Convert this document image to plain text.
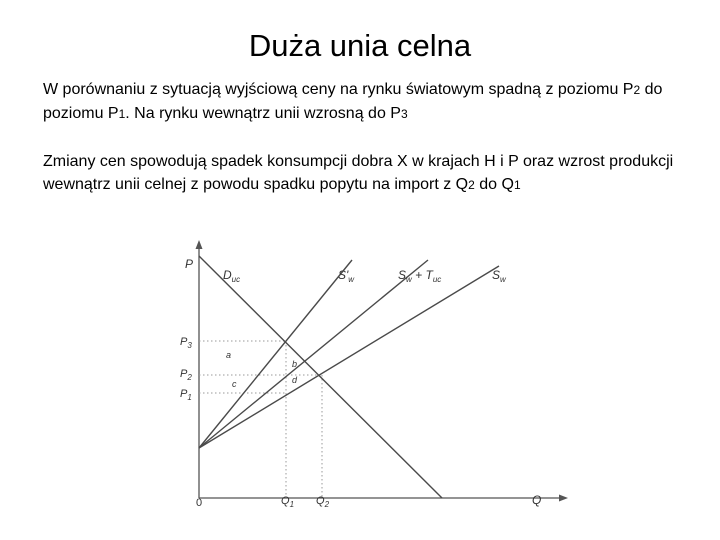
Duża unia celna
W porównaniu z sytuacją wyjściową ceny na rynku światowym spadną z poziomu P2 do poziomu P1. Na rynku wewnątrz unii wzrosną do P3
Zmiany cen spowodują spadek konsumpcji dobra X w krajach H i P oraz wzrost produkcji wewnątrz unii celnej z powodu spadku popytu na import z Q2 do Q1
$D_{uc}$	$S'_w$	$S_w + T_{uc}$	$S_w$
P
Q
0
$P_3$
$P_2$
$P_1$
$Q_1$ $Q_2$
a
b
c	d
